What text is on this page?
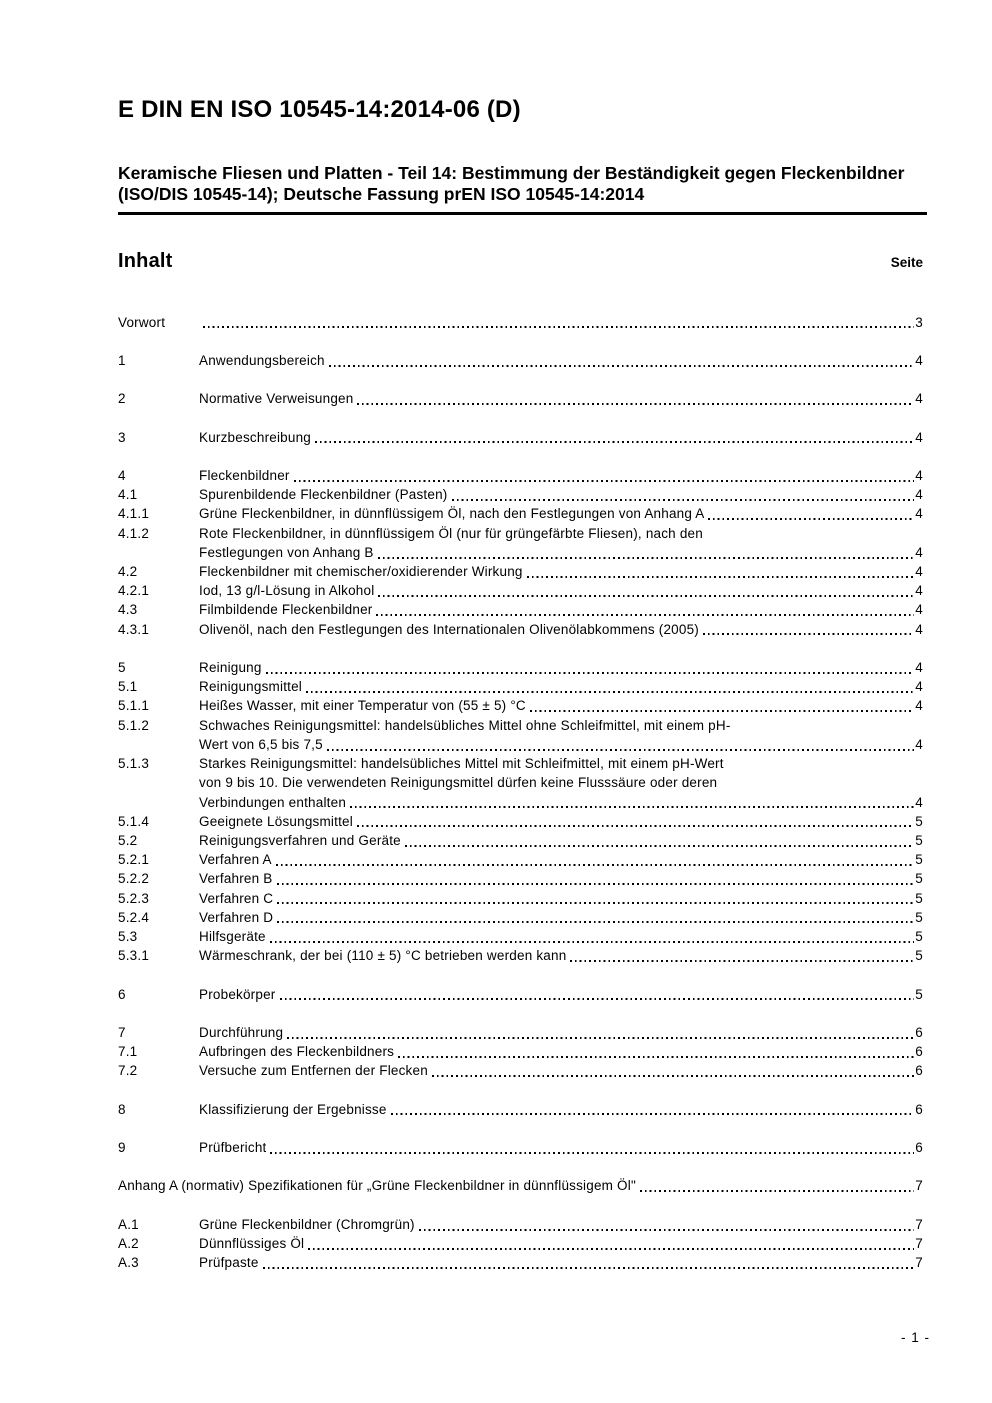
E DIN EN ISO 10545-14:2014-06 (D)

Keramische Fliesen und Platten - Teil 14: Bestimmung der Beständigkeit gegen Fleckenbildner (ISO/DIS 10545-14); Deutsche Fassung prEN ISO 10545-14:2014

Inhalt	Seite
Vorwort	3
1	Anwendungsbereich	4
2	Normative Verweisungen	4
3	Kurzbeschreibung	4
4	Fleckenbildner	4
4.1	Spurenbildende Fleckenbildner (Pasten)	4
4.1.1	Grüne Fleckenbildner, in dünnflüssigem Öl, nach den Festlegungen von Anhang A	4
4.1.2	Rote Fleckenbildner, in dünnflüssigem Öl (nur für grüngefärbte Fliesen), nach den
Festlegungen von Anhang B	4
4.2	Fleckenbildner mit chemischer/oxidierender Wirkung	4
4.2.1	Iod, 13 g/l-Lösung in Alkohol	4
4.3	Filmbildende Fleckenbildner	4
4.3.1	Olivenöl, nach den Festlegungen des Internationalen Olivenölabkommens (2005)	4
5	Reinigung	4
5.1	Reinigungsmittel	4
5.1.1	Heißes Wasser, mit einer Temperatur von (55 ± 5) °C	4
5.1.2	Schwaches Reinigungsmittel: handelsübliches Mittel ohne Schleifmittel, mit einem pH-
Wert von 6,5 bis 7,5	4
5.1.3	Starkes Reinigungsmittel: handelsübliches Mittel mit Schleifmittel, mit einem pH-Wert
von 9 bis 10. Die verwendeten Reinigungsmittel dürfen keine Flusssäure oder deren
Verbindungen enthalten	4
5.1.4	Geeignete Lösungsmittel	5
5.2	Reinigungsverfahren und Geräte	5
5.2.1	Verfahren A	5
5.2.2	Verfahren B	5
5.2.3	Verfahren C	5
5.2.4	Verfahren D	5
5.3	Hilfsgeräte	5
5.3.1	Wärmeschrank, der bei (110 ± 5) °C betrieben werden kann	5
6	Probekörper	5
7	Durchführung	6
7.1	Aufbringen des Fleckenbildners	6
7.2	Versuche zum Entfernen der Flecken	6
8	Klassifizierung der Ergebnisse	6
9	Prüfbericht	6
Anhang A (normativ) Spezifikationen für „Grüne Fleckenbildner in dünnflüssigem Öl"	7
A.1	Grüne Fleckenbildner (Chromgrün)	7
A.2	Dünnflüssiges Öl	7
A.3	Prüfpaste	7
- 1 -
